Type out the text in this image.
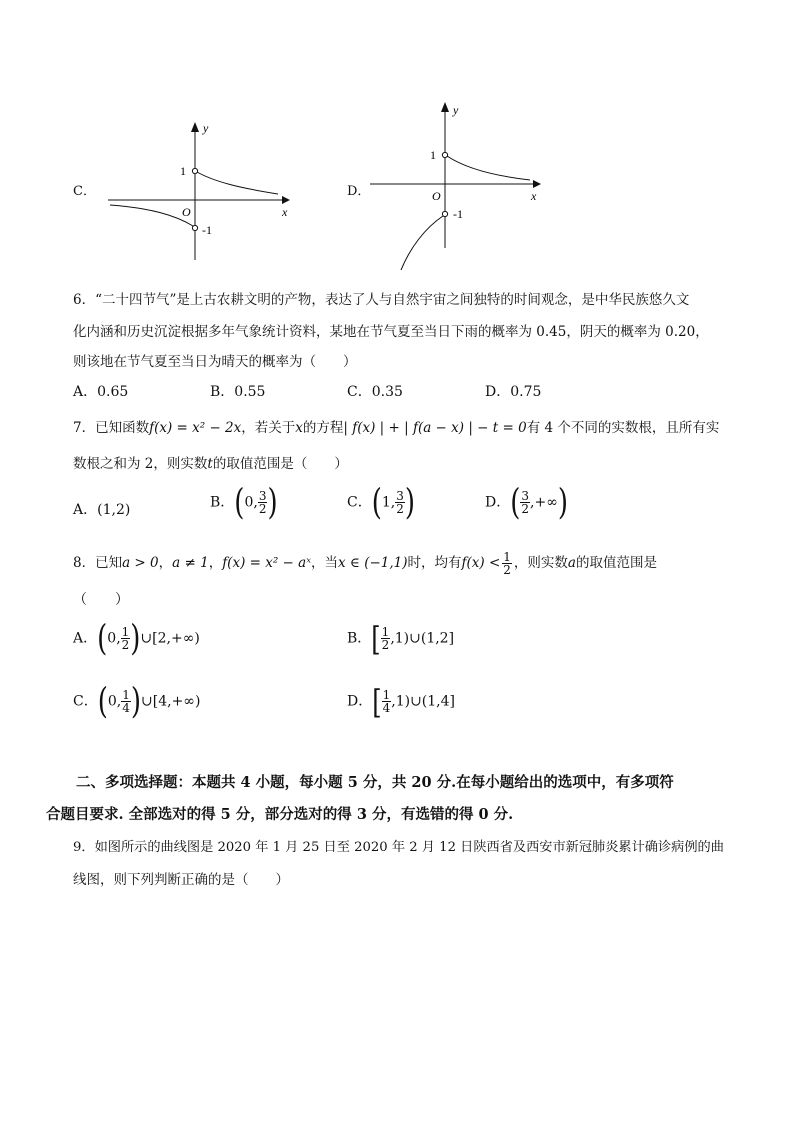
C．
y
x
O
1
-1
D．
y
x
O
1
-1
6．“二十四节气”是上古农耕文明的产物，表达了人与自然宇宙之间独特的时间观念，是中华民族悠久文
化内涵和历史沉淀根据多年气象统计资料，某地在节气夏至当日下雨的概率为 0.45，阴天的概率为 0.20，
则该地在节气夏至当日为晴天的概率为（　　）
A．0.65	B．0.55	C．0.35	D．0.75
7．已知函数f(x) = x² − 2x，若关于x的方程| f(x) | + | f(a − x) | − t = 0有 4 个不同的实数根，且所有实
数根之和为 2，则实数t的取值范围是（　　）
A．(1,2)	B．(0, $\frac{3}{2}$ )	C．(1, $\frac{3}{2}$ )	D．( $\frac{3}{2}$ ,+∞)
8．已知a > 0，a ≠ 1，f(x) = x² − aˣ，当x ∈ (−1,1)时，均有$f(x) < \frac{1}{2}$ ，则实数a的取值范围是
（　　）
A．(0, $\frac{1}{2}$ )∪[2,+∞)	B．[ $\frac{1}{2}$ ,1)∪(1,2]
C．(0, $\frac{1}{4}$ )∪[4,+∞)	D．[ $\frac{1}{4}$ ,1)∪(1,4]
二、多项选择题：本题共 4 小题，每小题 5 分，共 20 分.在每小题给出的选项中，有多项符
合题目要求. 全部选对的得 5 分，部分选对的得 3 分，有选错的得 0 分.
9．如图所示的曲线图是 2020 年 1 月 25 日至 2020 年 2 月 12 日陕西省及西安市新冠肺炎累计确诊病例的曲
线图，则下列判断正确的是（　　）
